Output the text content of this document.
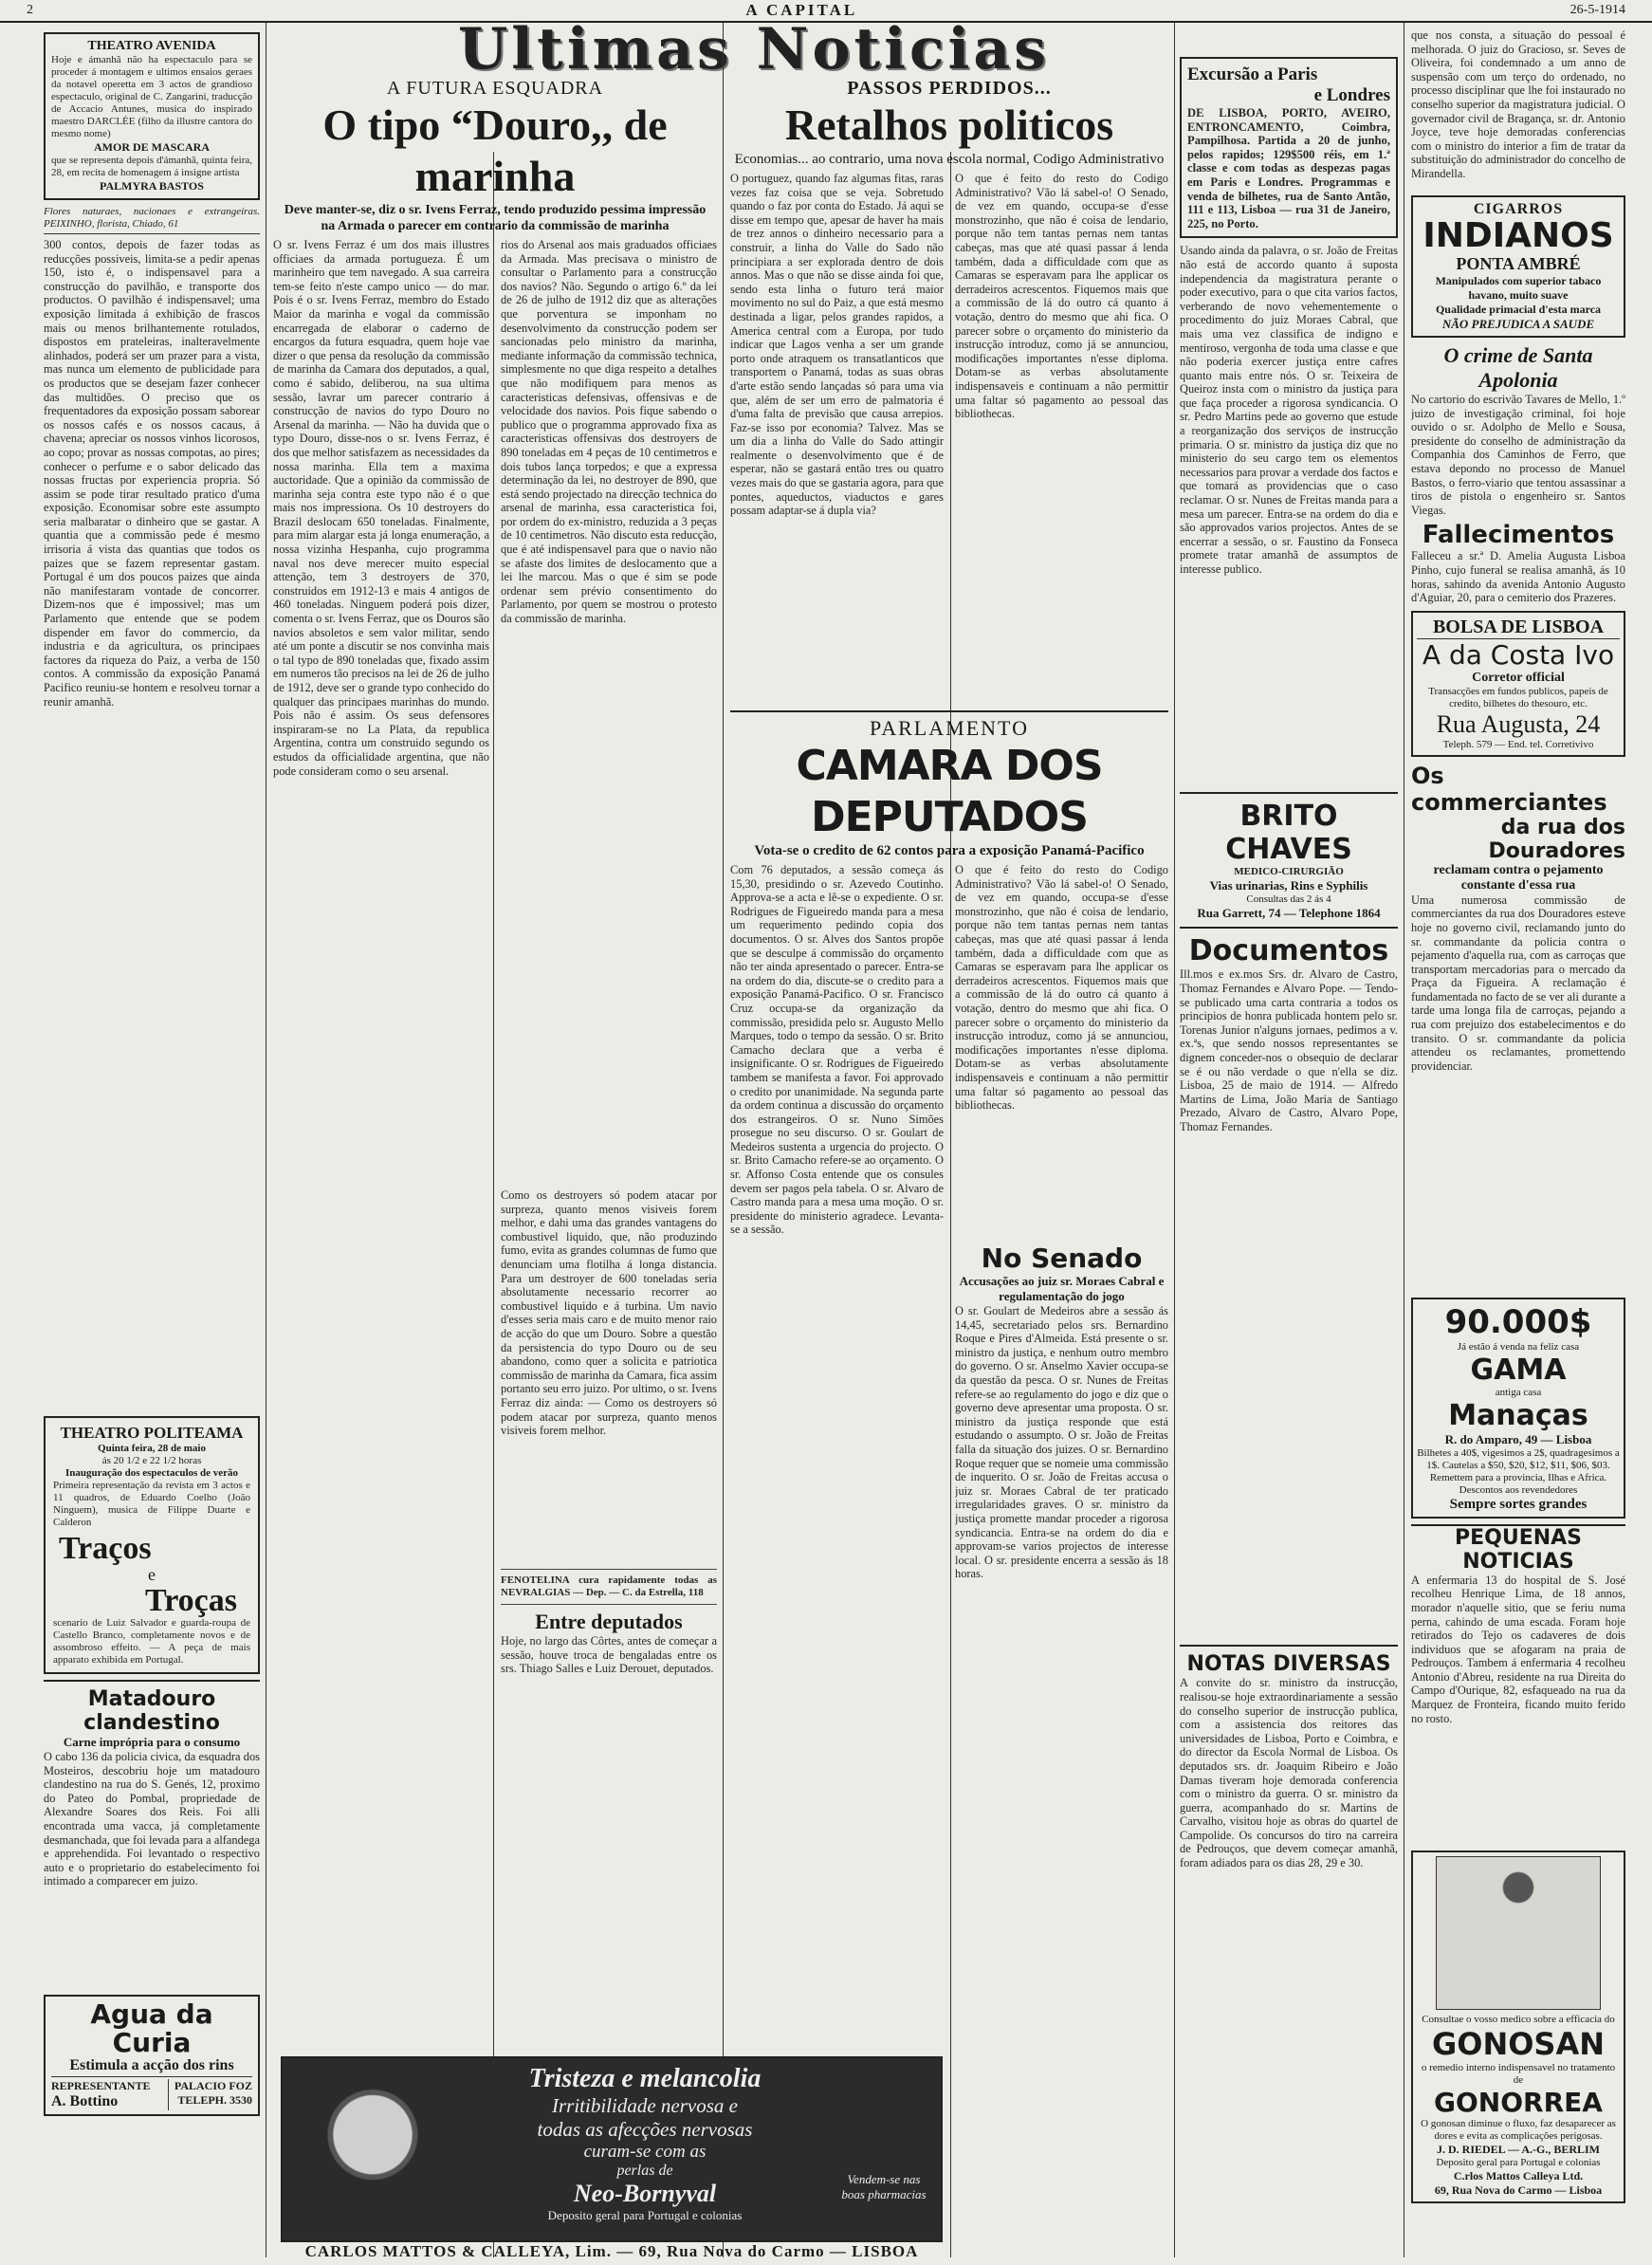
2	A CAPITAL	26-5-1914
Ultimas Noticias
THEATRO AVENIDA
Hoje e ámanhã não ha espectaculo para se proceder á montagem e ultimos ensaios geraes da notavel operetta em 3 actos de grandioso espectaculo, original de C. Zangarini, traducção de Accacio Antunes, musica do inspirado maestro DARCLÉE (filho da illustre cantora do mesmo nome)
AMOR DE MASCARA
que se representa depois d'ámanhã, quinta feira, 28, em recita de homenagem á insigne artista
PALMYRA BASTOS
Flores naturaes, nacionaes e extrangeiras. PEIXINHO, florista, Chiado, 61
300 contos, depois de fazer todas as reducções possiveis, limita-se a pedir apenas 150, isto é, o indispensavel para a construcção do pavilhão, e transporte dos productos. O pavilhão é indispensavel; uma exposição limitada á exhibição de frascos mais ou menos brilhantemente rotulados, dispostos em prateleiras, inalteravelmente alinhados, poderá ser um prazer para a vista, mas nunca um elemento de publicidade para os productos que se desejam fazer conhecer das multidões. O preciso que os frequentadores da exposição possam saborear os nossos cafés e os nossos cacaus, á chavena; apreciar os nossos vinhos licorosos, ao copo; provar as nossas compotas, ao pires; conhecer o perfume e o sabor delicado das nossas fructas por experiencia propria. Só assim se pode tirar resultado pratico d'uma exposição. Economisar sobre este assumpto seria malbaratar o dinheiro que se gastar. A quantia que a commissão pede é mesmo irrisoria á vista das quantias que todos os paizes que se fazem representar gastam. Portugal é um dos poucos paizes que ainda não manifestaram vontade de concorrer. Dizem-nos que é impossivel; mas um Parlamento que entende que se podem dispender em favor do commercio, da industria e da agricultura, os principaes factores da riqueza do Paiz, a verba de 150 contos. A commissão da exposição Panamá Pacifico reuniu-se hontem e resolveu tornar a reunir amanhã.
THEATRO POLITEAMA
Quinta feira, 28 de maio
ás 20 1/2 e 22 1/2 horas
Inauguração dos espectaculos de verão
Primeira representação da revista em 3 actos e 11 quadros, de Eduardo Coelho (João Ninguem), musica de Filippe Duarte e Calderon
Traços
e
Troças
scenario de Luiz Salvador e guarda-roupa de Castello Branco, completamente novos e de assombroso effeito. — A peça de mais apparato exhibida em Portugal.
Matadouro clandestino
Carne imprópria para o consumo
O cabo 136 da policia civica, da esquadra dos Mosteiros, descobriu hoje um matadouro clandestino na rua do S. Genés, 12, proximo do Pateo do Pombal, propriedade de Alexandre Soares dos Reis. Foi alli encontrada uma vacca, já completamente desmanchada, que foi levada para a alfandega e apprehendida. Foi levantado o respectivo auto e o proprietario do estabelecimento foi intimado a comparecer em juizo.
Agua da Curia
Estimula a acção dos rins
REPRESENTANTE
A. Bottino
PALACIO FOZ
TELEPH. 3530
A FUTURA ESQUADRA
O tipo “Douro,, de marinha
Deve manter-se, diz o sr. Ivens Ferraz, tendo produzido pessima impressão na Armada o parecer em contrario da commissão de marinha
O sr. Ivens Ferraz é um dos mais illustres officiaes da armada portugueza. É um marinheiro que tem navegado. A sua carreira tem-se feito n'este campo unico — do mar. Pois é o sr. Ivens Ferraz, membro do Estado Maior da marinha e vogal da commissão encarregada de elaborar o caderno de encargos da futura esquadra, quem hoje vae dizer o que pensa da resolução da commissão de marinha da Camara dos deputados, a qual, como é sabido, deliberou, na sua ultima sessão, lavrar um parecer contrario á construcção de navios do typo Douro no Arsenal da marinha. — Não ha duvida que o typo Douro, disse-nos o sr. Ivens Ferraz, é dos que melhor satisfazem as necessidades da nossa marinha. Ella tem a maxima auctoridade. Que a opinião da commissão de marinha seja contra este typo não é o que mais nos impressiona. Os 10 destroyers do Brazil deslocam 650 toneladas. Finalmente, para mim alargar esta já longa enumeração, a nossa vizinha Hespanha, cujo programma naval nos deve merecer muito especial attenção, tem 3 destroyers de 370, construidos em 1912-13 e mais 4 antigos de 460 toneladas. Ninguem poderá pois dizer, comenta o sr. Ivens Ferraz, que os Douros são navios absoletos e sem valor militar, sendo até um ponte a discutir se nos convinha mais o tal typo de 890 toneladas que, fixado assim em numeros tão precisos na lei de 26 de julho de 1912, deve ser o grande typo conhecido do qualquer das principaes marinhas do mundo. Pois não é assim. Os seus defensores inspiraram-se no La Plata, da republica Argentina, contra um construido segundo os estudos da officialidade argentina, que não pode consideram como o seu arsenal.
rios do Arsenal aos mais graduados officiaes da Armada. Mas precisava o ministro de consultar o Parlamento para a construcção dos navios? Não. Segundo o artigo 6.º da lei de 26 de julho de 1912 diz que as alterações que porventura se imponham no desenvolvimento da construcção podem ser sancionadas pelo ministro da marinha, mediante informação da commissão technica, simplesmente no que diga respeito a detalhes que não modifiquem para menos as caracteristicas defensivas, offensivas e de velocidade dos navios. Pois fique sabendo o publico que o programma approvado fixa as caracteristicas offensivas dos destroyers de 890 toneladas em 4 peças de 10 centimetros e dois tubos lança torpedos; e que a expressa determinação da lei, no destroyer de 890, que está sendo projectado na direcção technica do arsenal de marinha, essa caracteristica foi, por ordem do ex-ministro, reduzida a 3 peças de 10 centimetros. Não discuto esta reducção, que é até indispensavel para que o navio não se afaste dos limites de deslocamento que a lei lhe marcou. Mas o que é sim se pode ordenar sem prévio consentimento do Parlamento, por quem se mostrou o protesto da commissão de marinha.
Como os destroyers só podem atacar por surpreza, quanto menos visiveis forem melhor, e dahi uma das grandes vantagens do combustivel liquido, que, não produzindo fumo, evita as grandes columnas de fumo que denunciam uma flotilha á longa distancia. Para um destroyer de 600 toneladas seria absolutamente necessario recorrer ao combustivel liquido e á turbina. Um navio d'esses seria mais caro e de muito menor raio de acção do que um Douro. Sobre a questão da persistencia do typo Douro ou de seu abandono, como quer a solicita e patriotica commissão de marinha da Camara, fica assim portanto seu erro juizo. Por ultimo, o sr. Ivens Ferraz diz ainda: — Como os destroyers só podem atacar por surpreza, quanto menos visiveis forem melhor.
FENOTELINA cura rapidamente todas as NEVRALGIAS — Dep. — C. da Estrella, 118
Entre deputados
Hoje, no largo das Côrtes, antes de começar a sessão, houve troca de bengaladas entre os srs. Thiago Salles e Luiz Derouet, deputados.
Tristeza e melancolia
Irritibilidade nervosa e
todas as afecções nervosas
curam-se com as
perlas de
Neo-Bornyval
Deposito geral para Portugal e colonias
Vendem-se nas
boas pharmacias
CARLOS MATTOS & CALLEYA, Lim. — 69, Rua Nova do Carmo — LISBOA
PASSOS PERDIDOS...
Retalhos politicos
Economias... ao contrario, uma nova escola normal, Codigo Administrativo
O portuguez, quando faz algumas fitas, raras vezes faz coisa que se veja. Sobretudo quando o faz por conta do Estado. Já aqui se disse em tempo que, apesar de haver ha mais de trez annos o dinheiro necessario para a construir, a linha do Valle do Sado não principiara a ser explorada dentro de dois annos. Mas o que não se disse ainda foi que, sendo esta linha o futuro terá maior movimento no sul do Paiz, a que está mesmo destinada a ligar, pelos grandes rapidos, a America central com a Europa, por tudo indicar que Lagos venha a ser um grande porto onde atraquem os transatlanticos que transportem o Panamá, todas as suas obras d'arte estão sendo lançadas só para uma via que, além de ser um erro de palmatoria é d'uma falta de previsão que causa arrepios. Faz-se isso por economia? Talvez. Mas se um dia a linha do Valle do Sado attingir realmente o desenvolvimento que é de esperar, não se gastará então tres ou quatro vezes mais do que se gastaria agora, para que pontes, aqueductos, viaductos e gares possam adaptar-se á dupla via?
O que é feito do resto do Codigo Administrativo? Vão lá sabel-o! O Senado, de vez em quando, occupa-se d'esse monstrozinho, que não é coisa de lendario, porque não tem tantas pernas nem tantas cabeças, mas que até quasi passar á lenda também, dada a difficuldade com que as Camaras se esperavam para lhe applicar os derradeiros acrescentos. Fiquemos mais que a commissão de lá do outro cá quanto á votação, dentro do mesmo que ahi fica. O parecer sobre o orçamento do ministerio da instrucção introduz, como já se annunciou, modificações importantes n'esse diploma. Dotam-se as verbas absolutamente indispensaveis e continuam a não permittir uma faltar só pagamento ao pessoal das bibliothecas.
PARLAMENTO
CAMARA DOS DEPUTADOS
Vota-se o credito de 62 contos para a exposição Panamá-Pacifico
Com 76 deputados, a sessão começa ás 15,30, presidindo o sr. Azevedo Coutinho. Approva-se a acta e lê-se o expediente. O sr. Rodrigues de Figueiredo manda para a mesa um requerimento pedindo copia dos documentos. O sr. Alves dos Santos propõe que se desculpe á commissão do orçamento não ter ainda apresentado o parecer. Entra-se na ordem do dia, discute-se o credito para a exposição Panamá-Pacifico. O sr. Francisco Cruz occupa-se da organização da commissão, presidida pelo sr. Augusto Mello Marques, todo o tempo da sessão. O sr. Brito Camacho declara que a verba é insignificante. O sr. Rodrigues de Figueiredo tambem se manifesta a favor. Foi approvado o credito por unanimidade. Na segunda parte da ordem continua a discussão do orçamento dos estrangeiros. O sr. Nuno Simões prosegue no seu discurso. O sr. Goulart de Medeiros sustenta a urgencia do projecto. O sr. Brito Camacho refere-se ao orçamento. O sr. Affonso Costa entende que os consules devem ser pagos pela tabela. O sr. Alvaro de Castro manda para a mesa uma moção. O sr. presidente do ministerio agradece. Levanta-se a sessão.
O que é feito do resto do Codigo Administrativo? Vão lá sabel-o! O Senado, de vez em quando, occupa-se d'esse monstrozinho, que não é coisa de lendario, porque não tem tantas pernas nem tantas cabeças, mas que até quasi passar á lenda também, dada a difficuldade com que as Camaras se esperavam para lhe applicar os derradeiros acrescentos. Fiquemos mais que a commissão de lá do outro cá quanto á votação, dentro do mesmo que ahi fica. O parecer sobre o orçamento do ministerio da instrucção introduz, como já se annunciou, modificações importantes n'esse diploma. Dotam-se as verbas absolutamente indispensaveis e continuam a não permittir uma faltar só pagamento ao pessoal das bibliothecas.
No Senado
Accusações ao juiz sr. Moraes Cabral e regulamentação do jogo
O sr. Goulart de Medeiros abre a sessão ás 14,45, secretariado pelos srs. Bernardino Roque e Pires d'Almeida. Está presente o sr. ministro da justiça, e nenhum outro membro do governo. O sr. Anselmo Xavier occupa-se da questão da pesca. O sr. Nunes de Freitas refere-se ao regulamento do jogo e diz que o governo deve apresentar uma proposta. O sr. ministro da justiça responde que está estudando o assumpto. O sr. João de Freitas falla da situação dos juizes. O sr. Bernardino Roque requer que se nomeie uma commissão de inquerito. O sr. João de Freitas accusa o juiz sr. Moraes Cabral de ter praticado irregularidades graves. O sr. ministro da justiça promette mandar proceder a rigorosa syndicancia. Entra-se na ordem do dia e approvam-se varios projectos de interesse local. O sr. presidente encerra a sessão ás 18 horas.
Excursão a Paris
e Londres
DE LISBOA, PORTO, AVEIRO, ENTRONCAMENTO, Coimbra, Pampilhosa. Partida a 20 de junho, pelos rapidos; 129$500 réis, em 1.ª classe e com todas as despezas pagas em Paris e Londres. Programmas e venda de bilhetes, rua de Santo Antão, 111 e 113, Lisboa — rua 31 de Janeiro, 225, no Porto.
Usando ainda da palavra, o sr. João de Freitas não está de accordo quanto á suposta independencia da magistratura perante o poder executivo, para o que cita varios factos, verberando de novo vehementemente o procedimento do juiz Moraes Cabral, que mais uma vez classifica de indigno e mentiroso, vergonha de toda uma classe e que não poderia exercer justiça entre cafres quanto mais entre nós. O sr. Teixeira de Queiroz insta com o ministro da justiça para que faça proceder a rigorosa syndicancia. O sr. Pedro Martins pede ao governo que estude a reorganização dos serviços de instrucção primaria. O sr. ministro da justiça diz que no ministerio do seu cargo tem os elementos necessarios para provar a verdade dos factos e que tomará as providencias que o caso reclamar. O sr. Nunes de Freitas manda para a mesa um parecer. Entra-se na ordem do dia e são approvados varios projectos. Antes de se encerrar a sessão, o sr. Faustino da Fonseca promete tratar amanhã de assumptos de interesse publico.
BRITO CHAVES
MEDICO-CIRURGIÃO
Vias urinarias, Rins e Syphilis
Consultas das 2 ás 4
Rua Garrett, 74 — Telephone 1864
Documentos
Ill.mos e ex.mos Srs. dr. Alvaro de Castro, Thomaz Fernandes e Alvaro Pope. — Tendo-se publicado uma carta contraria a todos os principios de honra publicada hontem pelo sr. Torenas Junior n'alguns jornaes, pedimos a v. ex.ªs, que sendo nossos representantes se dignem conceder-nos o obsequio de declarar se é ou não verdade o que n'ella se diz. Lisboa, 25 de maio de 1914. — Alfredo Martins de Lima, João Maria de Santiago Prezado, Alvaro de Castro, Alvaro Pope, Thomaz Fernandes.
NOTAS DIVERSAS
A convite do sr. ministro da instrucção, realisou-se hoje extraordinariamente a sessão do conselho superior de instrucção publica, com a assistencia dos reitores das universidades de Lisboa, Porto e Coimbra, e do director da Escola Normal de Lisboa. Os deputados srs. dr. Joaquim Ribeiro e João Damas tiveram hoje demorada conferencia com o ministro da guerra. O sr. ministro da guerra, acompanhado do sr. Martins de Carvalho, visitou hoje as obras do quartel de Campolide. Os concursos do tiro na carreira de Pedrouços, que devem começar amanhã, foram adiados para os dias 28, 29 e 30.
que nos consta, a situação do pessoal é melhorada. O juiz do Gracioso, sr. Seves de Oliveira, foi condemnado a um anno de suspensão com um terço do ordenado, no processo disciplinar que lhe foi instaurado no conselho superior da magistratura judicial. O governador civil de Bragança, sr. dr. Antonio Joyce, teve hoje demoradas conferencias com o ministro do interior a fim de tratar da substituição do administrador do concelho de Mirandella.
CIGARROS
INDIANOS
PONTA AMBRÉ
Manipulados com superior tabaco havano, muito suave
Qualidade primacial d'esta marca
NÃO PREJUDICA A SAUDE
O crime de Santa Apolonia
No cartorio do escrivão Tavares de Mello, 1.º juizo de investigação criminal, foi hoje ouvido o sr. Adolpho de Mello e Sousa, presidente do conselho de administração da Companhia dos Caminhos de Ferro, que estava depondo no processo de Manuel Bastos, o ferro-viario que tentou assassinar a tiros de pistola o engenheiro sr. Santos Viegas.
Fallecimentos
Falleceu a sr.ª D. Amelia Augusta Lisboa Pinho, cujo funeral se realisa amanhã, ás 10 horas, sahindo da avenida Antonio Augusto d'Aguiar, 20, para o cemiterio dos Prazeres.
BOLSA DE LISBOA
A da Costa Ivo
Corretor official
Transacções em fundos publicos, papeis de credito, bilhetes do thesouro, etc.
Rua Augusta, 24
Teleph. 579 — End. tel. Corretivivo
Os commerciantes
da rua dos Douradores
reclamam contra o pejamento constante d'essa rua
Uma numerosa commissão de commerciantes da rua dos Douradores esteve hoje no governo civil, reclamando junto do sr. commandante da policia contra o pejamento d'aquella rua, com as carroças que transportam mercadorias para o mercado da Praça da Figueira. A reclamação é fundamentada no facto de se ver ali durante a tarde uma longa fila de carroças, pejando a rua com prejuizo dos estabelecimentos e do transito. O sr. commandante da policia attendeu os reclamantes, promettendo providenciar.
90.000$
Já estão á venda na feliz casa
GAMA
antiga casa
Manaças
R. do Amparo, 49 — Lisboa
Bilhetes a 40$, vigesimos a 2$, quadragesimos a 1$. Cautelas a $50, $20, $12, $11, $06, $03.
Remettem para a provincia, Ilhas e Africa.
Descontos aos revendedores
Sempre sortes grandes
PEQUENAS NOTICIAS
A enfermaria 13 do hospital de S. José recolheu Henrique Lima, de 18 annos, morador n'aquelle sitio, que se feriu numa perna, cahindo de uma escada. Foram hoje retirados do Tejo os cadaveres de dois individuos que se afogaram na praia de Pedrouços. Tambem á enfermaria 4 recolheu Antonio d'Abreu, residente na rua Direita do Campo d'Ourique, 82, esfaqueado na rua da Marquez de Fronteira, ficando muito ferido no rosto.
Consultae o vosso medico sobre a efficacia do
GONOSAN
o remedio interno indispensavel no tratamento de
GONORREA
O gonosan diminue o fluxo, faz desaparecer as dores e evita as complicações perigosas.
J. D. RIEDEL — A.-G., BERLIM
Deposito geral para Portugal e colonias
C.rlos Mattos Calleya Ltd.
69, Rua Nova do Carmo — Lisboa
